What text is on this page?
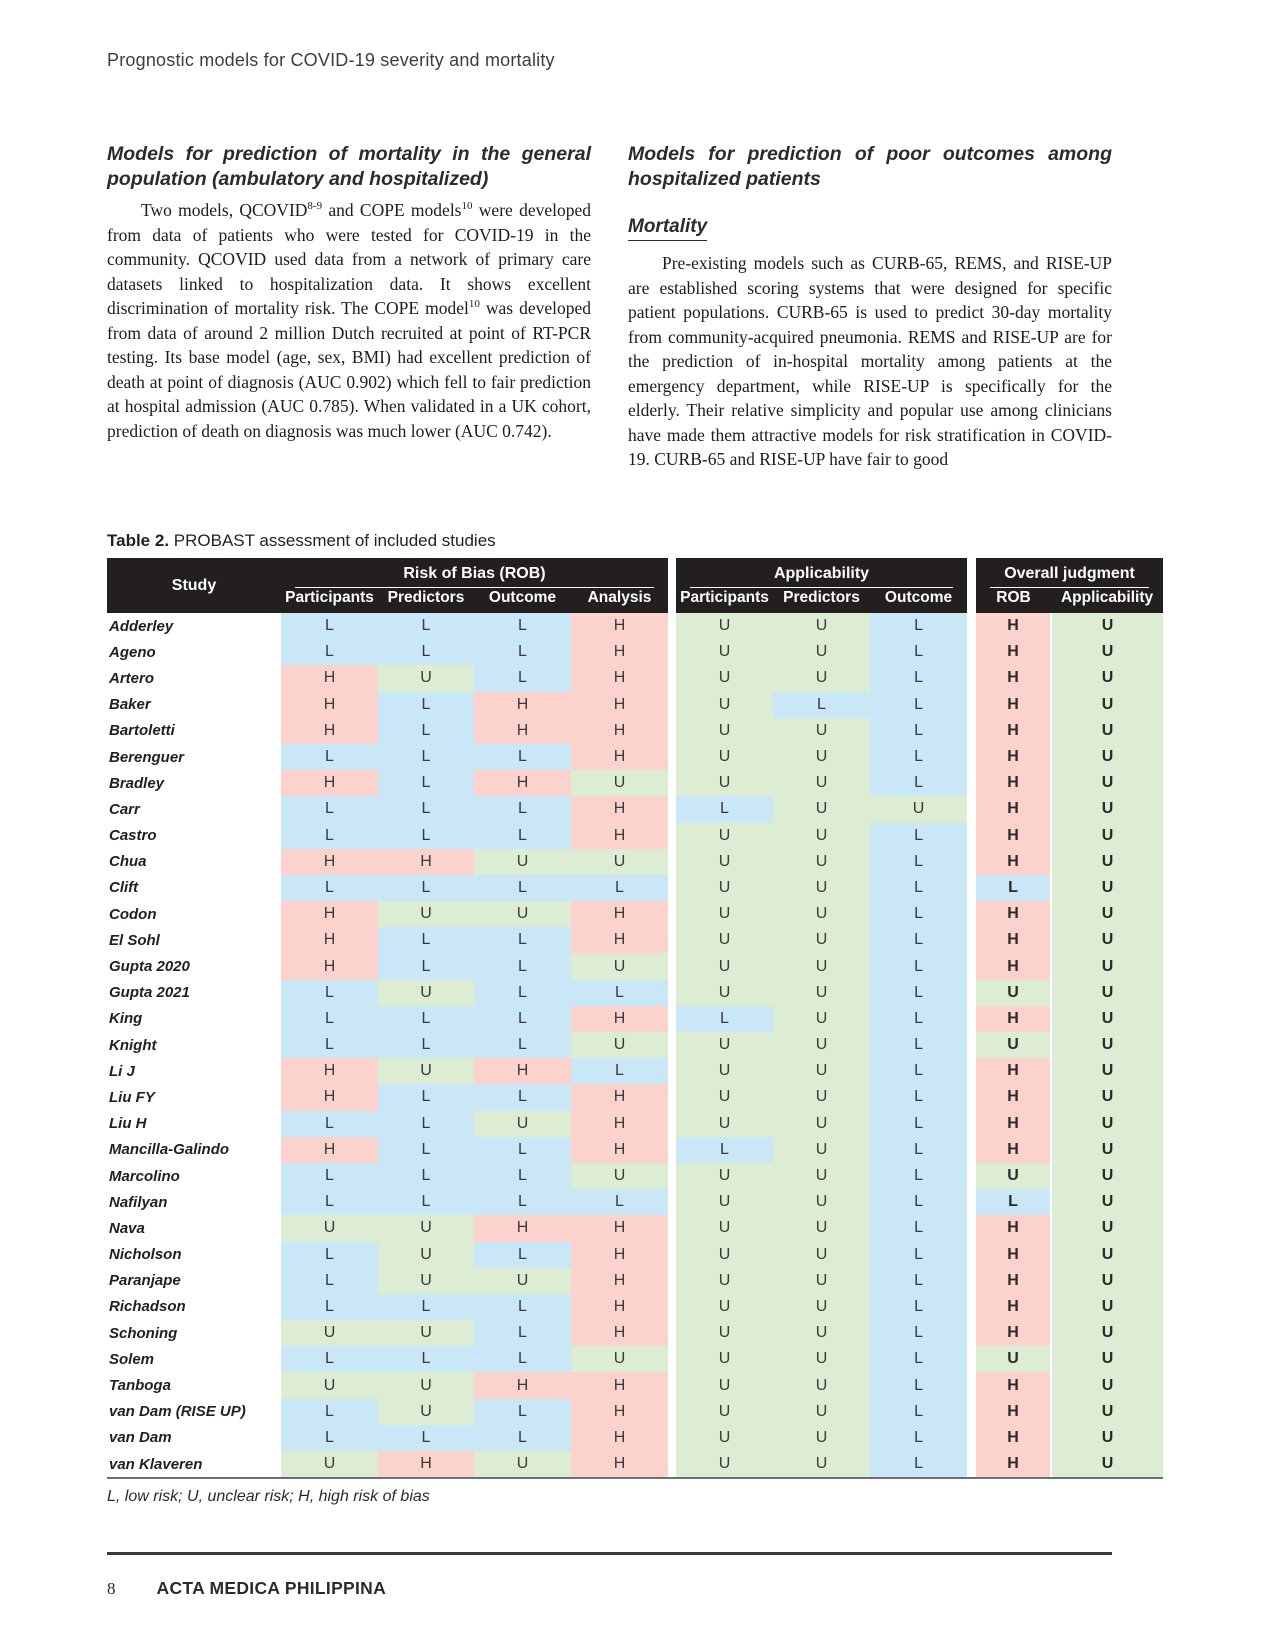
Prognostic models for COVID-19 severity and mortality
Models for prediction of mortality in the general population (ambulatory and hospitalized)

Two models, QCOVID$^{8-9}$ and COPE models$^{10}$ were developed from data of patients who were tested for COVID-19 in the community. QCOVID used data from a network of primary care datasets linked to hospitalization data. It shows excellent discrimination of mortality risk. The COPE model$^{10}$ was developed from data of around 2 million Dutch recruited at point of RT-PCR testing. Its base model (age, sex, BMI) had excellent prediction of death at point of diagnosis (AUC 0.902) which fell to fair prediction at hospital admission (AUC 0.785). When validated in a UK cohort, prediction of death on diagnosis was much lower (AUC 0.742).

Models for prediction of poor outcomes among hospitalized patients
Mortality

Pre-existing models such as CURB-65, REMS, and RISE-UP are established scoring systems that were designed for specific patient populations. CURB-65 is used to predict 30-day mortality from community-acquired pneumonia. REMS and RISE-UP are for the prediction of in-hospital mortality among patients at the emergency department, while RISE-UP is specifically for the elderly. Their relative simplicity and popular use among clinicians have made them attractive models for risk stratification in COVID-19. CURB-65 and RISE-UP have fair to good

Table 2. PROBAST assessment of included studies

Study	Risk of Bias (ROB)					Applicability				Overall judgment	

	Participants	Predictors	Outcome	Analysis		Participants	Predictors	Outcome		ROB	Applicability
Adderley	L	L	L	H		U	U	L		H	U
Ageno	L	L	L	H		U	U	L		H	U
Artero	H	U	L	H		U	U	L		H	U
Baker	H	L	H	H		U	L	L		H	U
Bartoletti	H	L	H	H		U	U	L		H	U
Berenguer	L	L	L	H		U	U	L		H	U
Bradley	H	L	H	U		U	U	L		H	U
Carr	L	L	L	H		L	U	U		H	U
Castro	L	L	L	H		U	U	L		H	U
Chua	H	H	U	U		U	U	L		H	U
Clift	L	L	L	L		U	U	L		L	U
Codon	H	U	U	H		U	U	L		H	U
El Sohl	H	L	L	H		U	U	L		H	U
Gupta 2020	H	L	L	U		U	U	L		H	U
Gupta 2021	L	U	L	L		U	U	L		U	U
King	L	L	L	H		L	U	L		H	U
Knight	L	L	L	U		U	U	L		U	U
Li J	H	U	H	L		U	U	L		H	U
Liu FY	H	L	L	H		U	U	L		H	U
Liu H	L	L	U	H		U	U	L		H	U
Mancilla-Galindo	H	L	L	H		L	U	L		H	U
Marcolino	L	L	L	U		U	U	L		U	U
Nafilyan	L	L	L	L		U	U	L		L	U
Nava	U	U	H	H		U	U	L		H	U
Nicholson	L	U	L	H		U	U	L		H	U
Paranjape	L	U	U	H		U	U	L		H	U
Richadson	L	L	L	H		U	U	L		H	U
Schoning	U	U	L	H		U	U	L		H	U
Solem	L	L	L	U		U	U	L		U	U
Tanboga	U	U	H	H		U	U	L		H	U
van Dam (RISE UP)	L	U	L	H		U	U	L		H	U
van Dam	L	L	L	H		U	U	L		H	U
van Klaveren	U	H	U	H		U	U	L		H	U

L, low risk; U, unclear risk; H, high risk of bias

8 ACTA MEDICA PHILIPPINA
